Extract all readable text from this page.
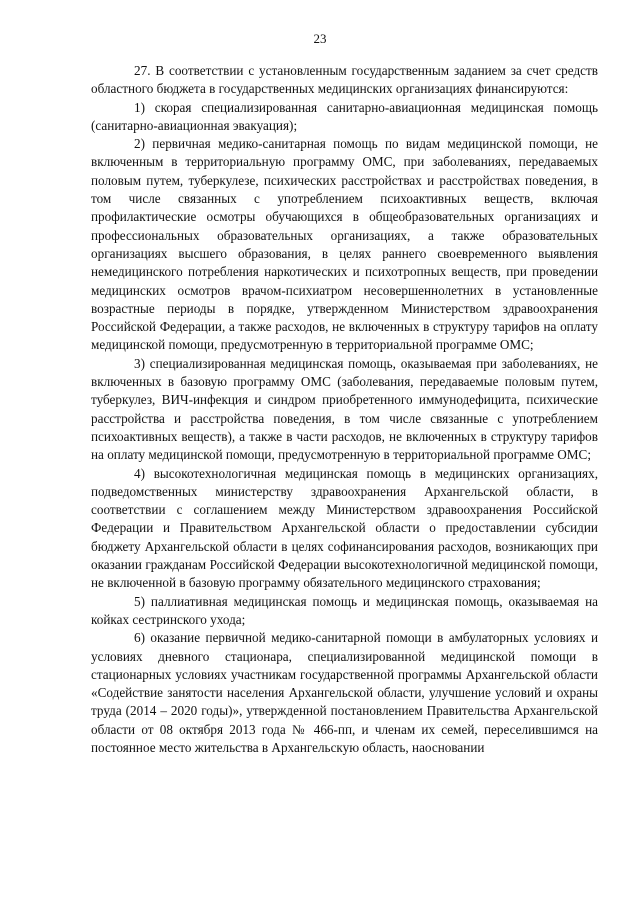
23

27. В соответствии с установленным государственным заданием за счет средств областного бюджета в государственных медицинских организациях финансируются:

1) скорая специализированная санитарно-авиационная медицинская помощь (санитарно-авиационная эвакуация);

2) первичная медико-санитарная помощь по видам медицинской помощи, не включенным в территориальную программу ОМС, при заболеваниях, передаваемых половым путем, туберкулезе, психических расстройствах и расстройствах поведения, в том числе связанных с употреблением психоактивных веществ, включая профилактические осмотры обучающихся в общеобразовательных организациях и профессиональных образовательных организациях, а также образовательных организациях высшего образования, в целях раннего своевременного выявления немедицинского потребления наркотических и психотропных веществ, при проведении медицинских осмотров врачом-психиатром несовершеннолетних в установленные возрастные периоды в порядке, утвержденном Министерством здравоохранения Российской Федерации, а также расходов, не включенных в структуру тарифов на оплату медицинской помощи, предусмотренную в территориальной программе ОМС;

3) специализированная медицинская помощь, оказываемая при заболеваниях, не включенных в базовую программу ОМС (заболевания, передаваемые половым путем, туберкулез, ВИЧ-инфекция и синдром приобретенного иммунодефицита, психические расстройства и расстройства поведения, в том числе связанные с употреблением психоактивных веществ), а также в части расходов, не включенных в структуру тарифов на оплату медицинской помощи, предусмотренную в территориальной программе ОМС;

4) высокотехнологичная медицинская помощь в медицинских организациях, подведомственных министерству здравоохранения Архангельской области, в соответствии с соглашением между Министерством здравоохранения Российской Федерации и Правительством Архангельской области о предоставлении субсидии бюджету Архангельской области в целях софинансирования расходов, возникающих при оказании гражданам Российской Федерации высокотехнологичной медицинской помощи, не включенной в базовую программу обязательного медицинского страхования;

5) паллиативная медицинская помощь и медицинская помощь, оказываемая на койках сестринского ухода;

6) оказание первичной медико-санитарной помощи в амбулаторных условиях и условиях дневного стационара, специализированной медицинской помощи в стационарных условиях участникам государственной программы Архангельской области «Содействие занятости населения Архангельской области, улучшение условий и охраны труда (2014 – 2020 годы)», утвержденной постановлением Правительства Архангельской области от 08 октября 2013 года № 466-пп, и членам их семей, переселившимся на постоянное место жительства в Архангельскую область, наосновании
